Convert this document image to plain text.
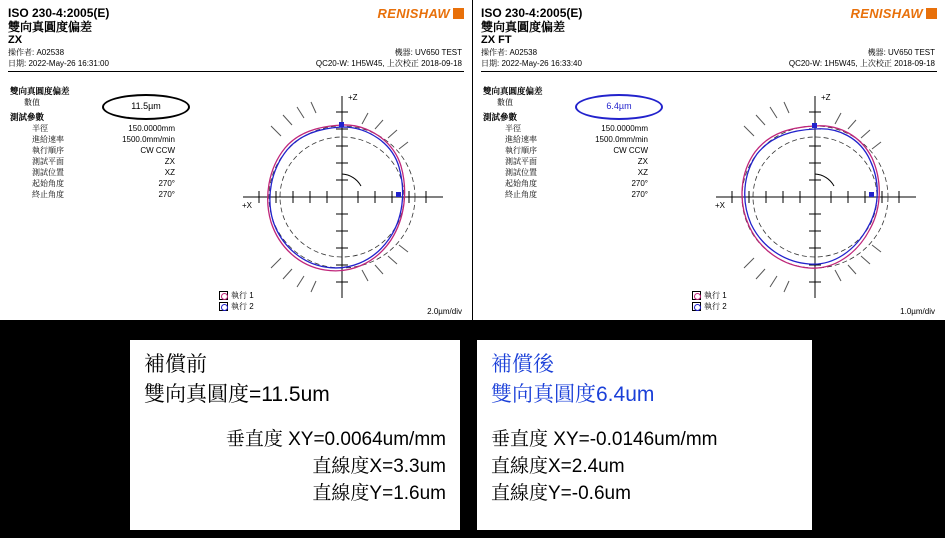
RENISHAW
ISO 230-4:2005(E)
雙向真圓度偏差
ZX
操作者: A02538	機器: UV650 TEST
日期: 2022-May-26 16:31:00	QC20-W: 1H5W45, 上次校正 2018-09-18
雙向真圓度偏差
數值	11.5µm
測試參數
半徑	150.0000mm
進給速率	1500.0mm/min
執行順序	CW CCW
測試平面	ZX
測試位置	XZ
起始角度	270°
終止角度	270°
+Z
+X
執行 1
執行 2
2.0µm/div
RENISHAW
ISO 230-4:2005(E)
雙向真圓度偏差
ZX FT
操作者: A02538	機器: UV650 TEST
日期: 2022-May-26 16:33:40	QC20-W: 1H5W45, 上次校正 2018-09-18
雙向真圓度偏差
數值	6.4µm
測試參數
半徑	150.0000mm
進給速率	1500.0mm/min
執行順序	CW CCW
測試平面	ZX
測試位置	XZ
起始角度	270°
終止角度	270°
+Z
+X
執行 1
執行 2
1.0µm/div
補償前
雙向真圓度=11.5um
垂直度 XY=0.0064um/mm
直線度X=3.3um
直線度Y=1.6um
補償後
雙向真圓度6.4um
垂直度 XY=-0.0146um/mm
直線度X=2.4um
直線度Y=-0.6um
